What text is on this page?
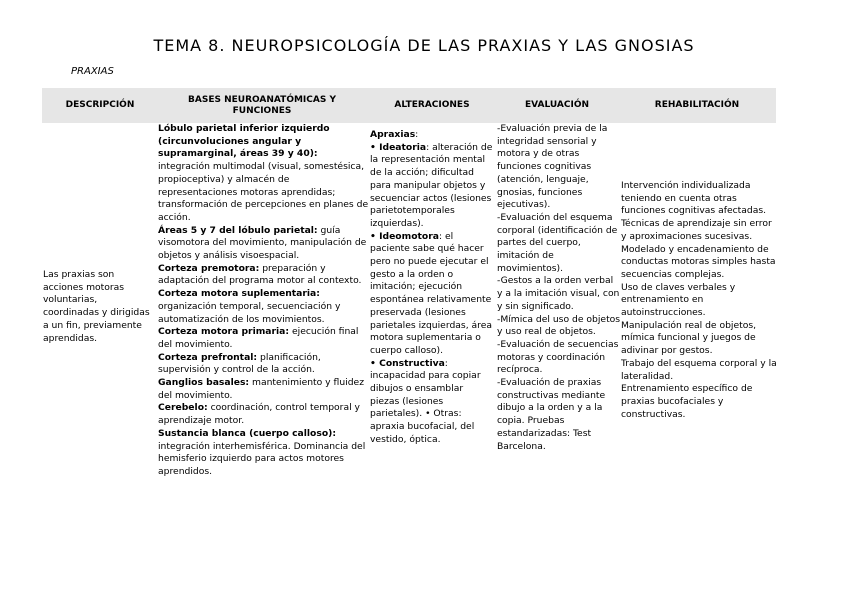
TEMA 8. NEUROPSICOLOGÍA DE LAS PRAXIAS Y LAS GNOSIAS
PRAXIAS
DESCRIPCIÓN
BASES NEUROANATÓMICAS Y FUNCIONES
ALTERACIONES	EVALUACIÓN	REHABILITACIÓN
Las praxias son acciones motoras voluntarias, coordinadas y dirigidas a un fin, previamente aprendidas.
Lóbulo parietal inferior izquierdo (circunvoluciones angular y supramarginal, áreas 39 y 40): integración multimodal (visual, somestésica, propioceptiva) y almacén de representaciones motoras aprendidas; transformación de percepciones en planes de acción.
Áreas 5 y 7 del lóbulo parietal: guía visomotora del movimiento, manipulación de objetos y análisis visoespacial.
Corteza premotora: preparación y adaptación del programa motor al contexto.
Corteza motora suplementaria: organización temporal, secuenciación y automatización de los movimientos.
Corteza motora primaria: ejecución final del movimiento.
Corteza prefrontal: planificación, supervisión y control de la acción.
Ganglios basales: mantenimiento y fluidez del movimiento.
Cerebelo: coordinación, control temporal y aprendizaje motor.
Sustancia blanca (cuerpo calloso): integración interhemisférica. Dominancia del hemisferio izquierdo para actos motores aprendidos.
Apraxias:
• Ideatoria: alteración de la representación mental de la acción; dificultad para manipular objetos y secuenciar actos (lesiones parietotemporales izquierdas).
• Ideomotora: el paciente sabe qué hacer pero no puede ejecutar el gesto a la orden o imitación; ejecución espontánea relativamente preservada (lesiones parietales izquierdas, área motora suplementaria o cuerpo calloso).
• Constructiva: incapacidad para copiar dibujos o ensamblar piezas (lesiones parietales). • Otras: apraxia bucofacial, del vestido, óptica.
-Evaluación previa de la integridad sensorial y motora y de otras funciones cognitivas (atención, lenguaje, gnosias, funciones ejecutivas).
-Evaluación del esquema corporal (identificación de partes del cuerpo, imitación de movimientos).
-Gestos a la orden verbal y a la imitación visual, con y sin significado.
-Mímica del uso de objetos y uso real de objetos.
-Evaluación de secuencias motoras y coordinación recíproca.
-Evaluación de praxias constructivas mediante dibujo a la orden y a la copia. Pruebas estandarizadas: Test Barcelona.
Intervención individualizada teniendo en cuenta otras funciones cognitivas afectadas.
Técnicas de aprendizaje sin error y aproximaciones sucesivas.
Modelado y encadenamiento de conductas motoras simples hasta secuencias complejas.
Uso de claves verbales y entrenamiento en autoinstrucciones.
Manipulación real de objetos, mímica funcional y juegos de adivinar por gestos.
Trabajo del esquema corporal y la lateralidad.
Entrenamiento específico de praxias bucofaciales y constructivas.
